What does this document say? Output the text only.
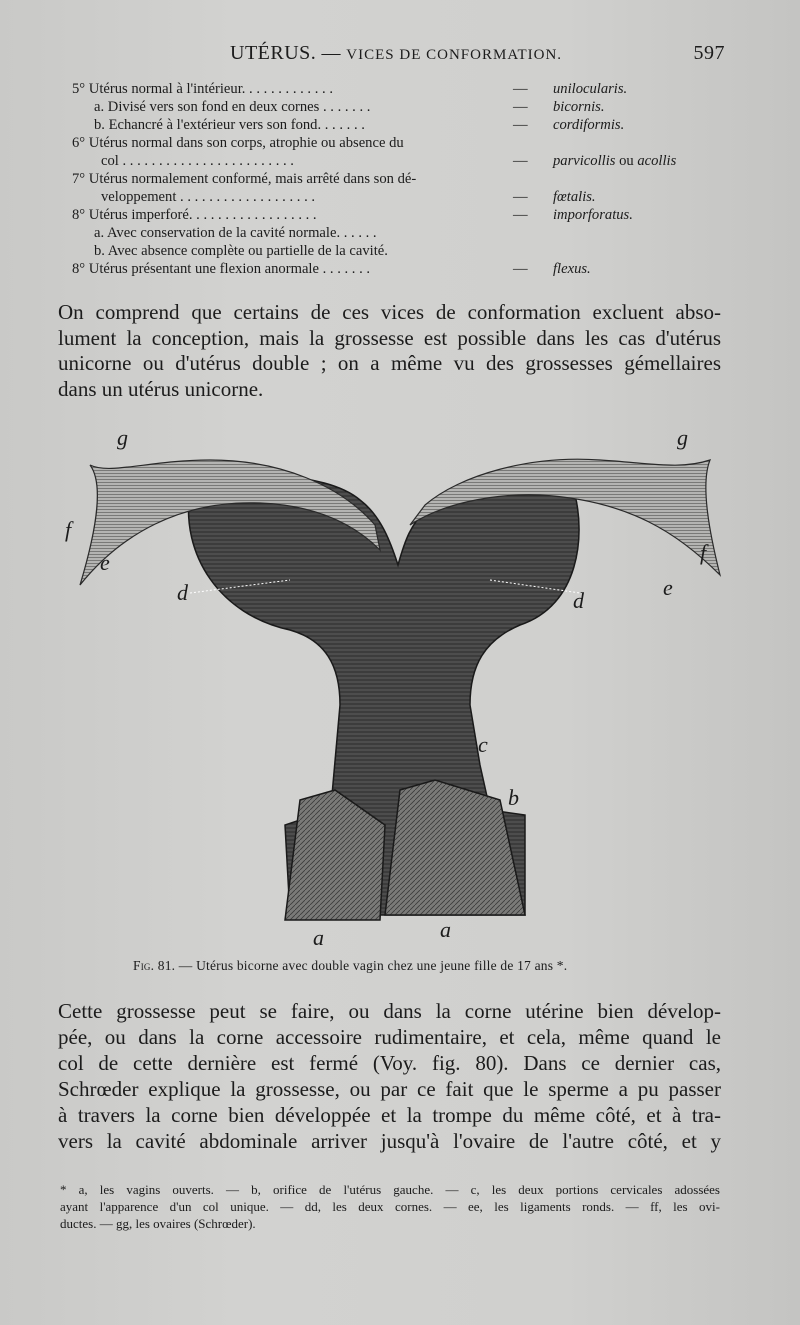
UTÉRUS. — VICES DE CONFORMATION.	597
5° Utérus normal à l'intérieur. . . . . . . . . . . . .	— unilocularis.
a. Divisé vers son fond en deux cornes . . . . . . .	— bicornis.
b. Echancré à l'extérieur vers son fond. . . . . . .	— cordiformis.
6° Utérus normal dans son corps, atrophie ou absence du
col . . . . . . . . . . . . . . . . . . . . . . . .	— parvicollis ou acollis
7° Utérus normalement conformé, mais arrêté dans son dé-
veloppement . . . . . . . . . . . . . . . . . . .	— fœtalis.
8° Utérus imperforé. . . . . . . . . . . . . . . . . .	— imporforatus.
a. Avec conservation de la cavité normale. . . . . .
b. Avec absence complète ou partielle de la cavité.
8° Utérus présentant une flexion anormale . . . . . . .	— flexus.
On comprend que certains de ces vices de conformation excluent abso-
lument la conception, mais la grossesse est possible dans les cas d'utérus
unicorne ou d'utérus double ; on a même vu des grossesses gémellaires
dans un utérus unicorne.
g	g
f
f
e
e
d	d
c
b
a	a
Fig. 81. — Utérus bicorne avec double vagin chez une jeune fille de 17 ans *.
Cette grossesse peut se faire, ou dans la corne utérine bien dévelop-
pée, ou dans la corne accessoire rudimentaire, et cela, même quand le
col de cette dernière est fermé (Voy. fig. 80). Dans ce dernier cas,
Schrœder explique la grossesse, ou par ce fait que le sperme a pu passer
à travers la corne bien développée et la trompe du même côté, et à tra-
vers la cavité abdominale arriver jusqu'à l'ovaire de l'autre côté, et y
* a, les vagins ouverts. — b, orifice de l'utérus gauche. — c, les deux portions cervicales adossées
ayant l'apparence d'un col unique. — dd, les deux cornes. — ee, les ligaments ronds. — ff, les ovi-
ductes. — gg, les ovaires (Schrœder).
